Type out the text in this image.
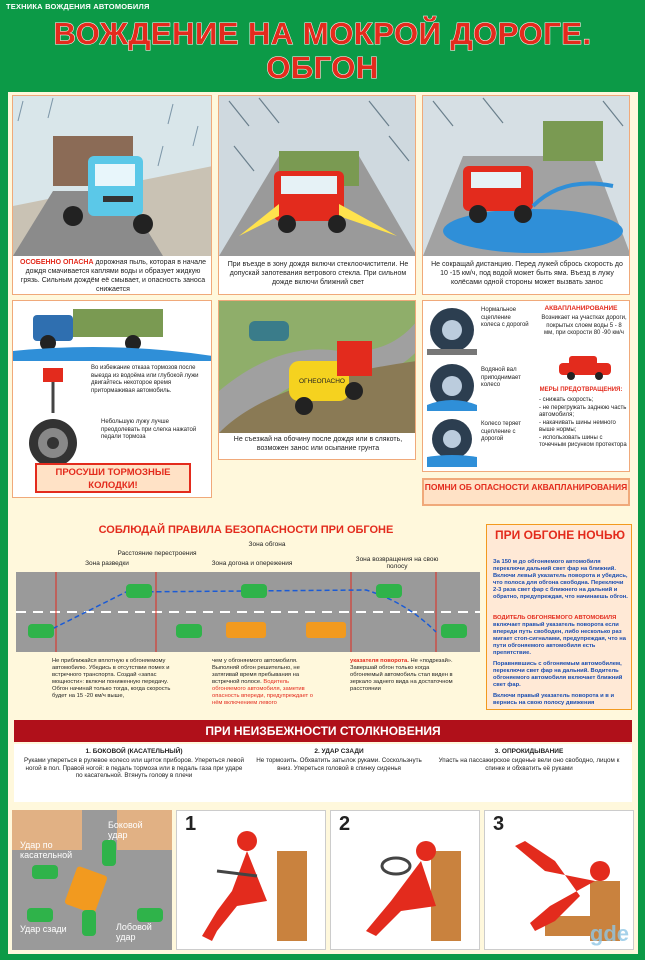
ТЕХНИКА ВОЖДЕНИЯ АВТОМОБИЛЯ
ВОЖДЕНИЕ НА МОКРОЙ ДОРОГЕ.
ОБГОН
ОСОБЕННО ОПАСНА дорожная пыль, которая в начале дождя смачивается каплями воды и образует жидкую грязь. Сильным дождём её смывает, и опасность заноса снижается
При въезде в зону дождя включи стеклоочистители. Не допускай запотевания ветрового стекла. При сильном дожде включи ближний свет
Не сокращай дистанцию. Перед лужей сбрось скорость до 10 -15 км/ч, под водой может быть яма. Въезд в лужу колёсами одной стороны может вызвать занос
Во избежание отказа тормозов после выезда из водоёма или глубокой лужи двигайтесь некоторое время притормаживая автомобиль.
Небольшую лужу лучше преодолевать при слегка нажатой педали тормоза
ПРОСУШИ ТОРМОЗНЫЕ КОЛОДКИ!
ОГНЕОПАСНО
Не съезжай на обочину после дождя или в слякоть, возможен занос или осыпание грунта
Нормальное сцепление колеса с дорогой
Водяной вал приподнимает колесо
Колесо теряет сцепление с дорогой
АКВАПЛАНИРОВАНИЕ
Возникает на участках дороги, покрытых слоем воды 5 - 8 мм, при скорости 80 -90 км/ч
МЕРЫ ПРЕДОТВРАЩЕНИЯ:
- снижать скорость;
- не перегружать заднюю часть автомобиля;
- накачивать шины немного выше нормы;
- использовать шины с точечным рисунком протектора
ПОМНИ ОБ ОПАСНОСТИ АКВАПЛАНИРОВАНИЯ
СОБЛЮДАЙ ПРАВИЛА БЕЗОПАСНОСТИ ПРИ ОБГОНЕ
Зона обгона
Расстояние перестроения
Зона разведки	Зона догона и опережения
Зона возвращения на свою полосу
Не приближайся вплотную к обгоняемому автомобилю. Убедись в отсутствии помех и встречного транспорта. Создай «запас мощности»: включи пониженную передачу. Обгон начинай только тогда, когда скорость будет на 15 -20 км/ч выше,
чем у обгоняемого автомобиля. Выполняй обгон решительно, не затягивай время пребывания на встречной полосе. Водитель обгоняемого автомобиля, заметив опасность впереди, предупреждает о нём включением левого
указателя поворота. Не «подрезай». Завершай обгон только когда обгоняемый автомобиль стал виден в зеркало заднего вида на достаточном расстоянии
ПРИ ОБГОНЕ НОЧЬЮ
За 150 м до обгоняемого автомобиля переключи дальний свет фар на ближний. Включи левый указатель поворота и убедись, что полоса для обгона свободна. Переключи 2-3 раза свет фар с ближнего на дальний и обратно, предупреждая, что начинаешь обгон.
ВОДИТЕЛЬ ОБГОНЯЕМОГО АВТОМОБИЛЯ включает правый указатель поворота если впереди путь свободен, либо несколько раз мигает стоп-сигналами, предупреждая, что на пути обгоняемого автомобиля есть препятствие.
Поравнявшись с обгоняемым автомобилем, переключи свет фар на дальний. Водитель обгоняемого автомобиля включает ближний свет фар.
Включи правый указатель поворота и в и вернись на свою полосу движения
ПРИ НЕИЗБЕЖНОСТИ СТОЛКНОВЕНИЯ
1. БОКОВОЙ (КАСАТЕЛЬНЫЙ)
Руками упереться в рулевое колесо или щиток приборов. Упереться левой ногой в пол. Правой ногой: в педаль тормоза или в педаль газа при ударе по касательной. Втянуть голову в плечи
2. УДАР СЗАДИ
Не тормозить. Обхватить затылок руками. Соскользнуть вниз. Упереться головой в спинку сиденья
3. ОПРОКИДЫВАНИЕ
Упасть на пассажирское сиденье вели оно свободно, лицом к спинке и обхватить её руками
Удар по касательной
Боковой удар
Удар сзади	Лобовой удар
1	2	3
gde
